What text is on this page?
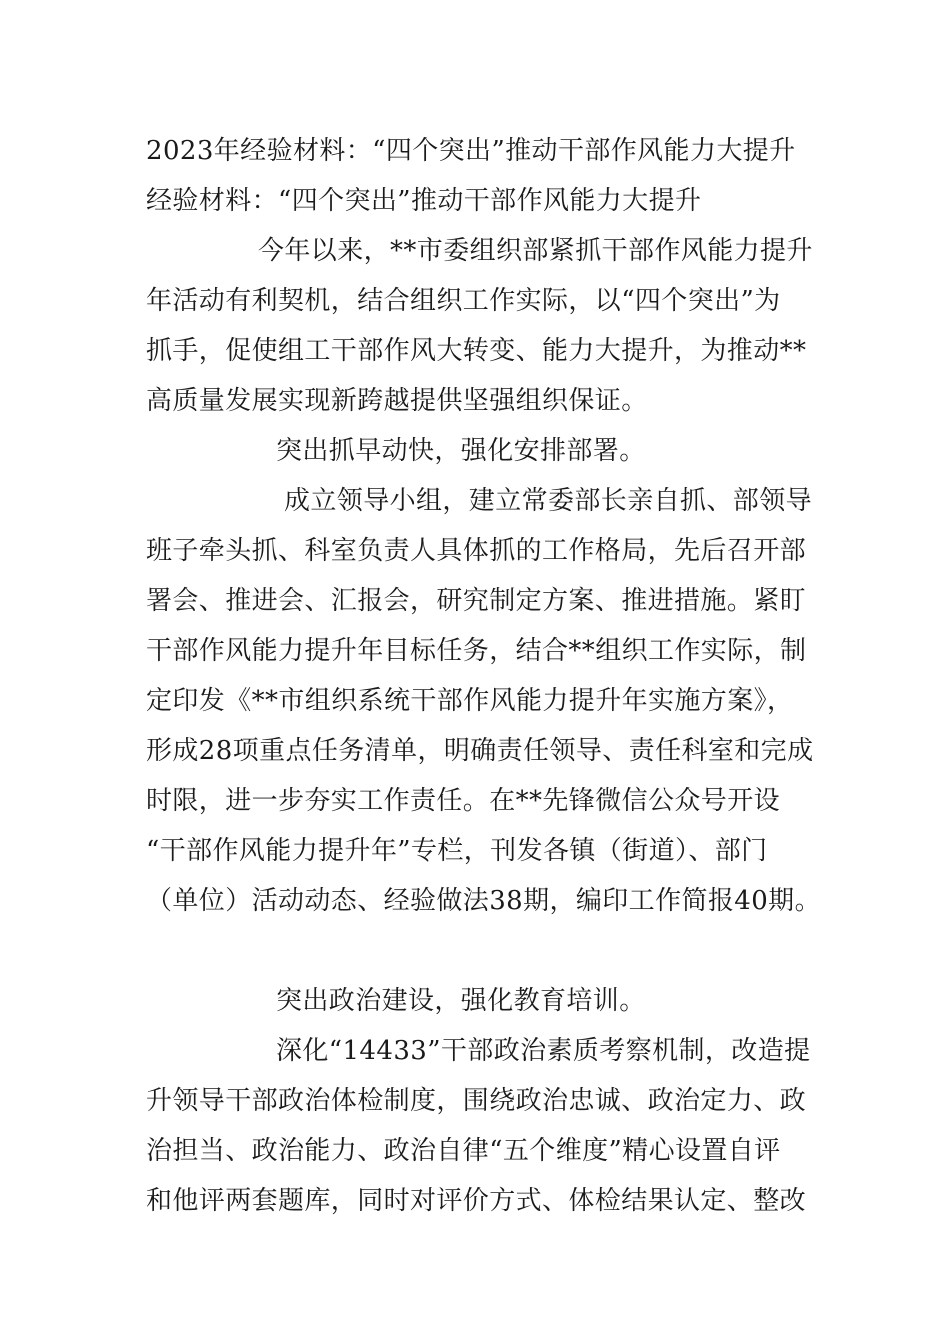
2023年经验材料：“四个突出”推动干部作风能力大提升

经验材料：“四个突出”推动干部作风能力大提升

今年以来，**市委组织部紧抓干部作风能力提升

年活动有利契机，结合组织工作实际，以“四个突出”为

抓手，促使组工干部作风大转变、能力大提升，为推动**

高质量发展实现新跨越提供坚强组织保证。

突出抓早动快，强化安排部署。

成立领导小组，建立常委部长亲自抓、部领导

班子牵头抓、科室负责人具体抓的工作格局，先后召开部

署会、推进会、汇报会，研究制定方案、推进措施。紧盯

干部作风能力提升年目标任务，结合**组织工作实际，制

定印发《**市组织系统干部作风能力提升年实施方案》，

形成28项重点任务清单，明确责任领导、责任科室和完成

时限，进一步夯实工作责任。在**先锋微信公众号开设

“干部作风能力提升年”专栏，刊发各镇（街道）、部门

（单位）活动动态、经验做法38期，编印工作简报40期。

突出政治建设，强化教育培训。

深化“14433”干部政治素质考察机制，改造提

升领导干部政治体检制度，围绕政治忠诚、政治定力、政

治担当、政治能力、政治自律“五个维度”精心设置自评

和他评两套题库，同时对评价方式、体检结果认定、整改
